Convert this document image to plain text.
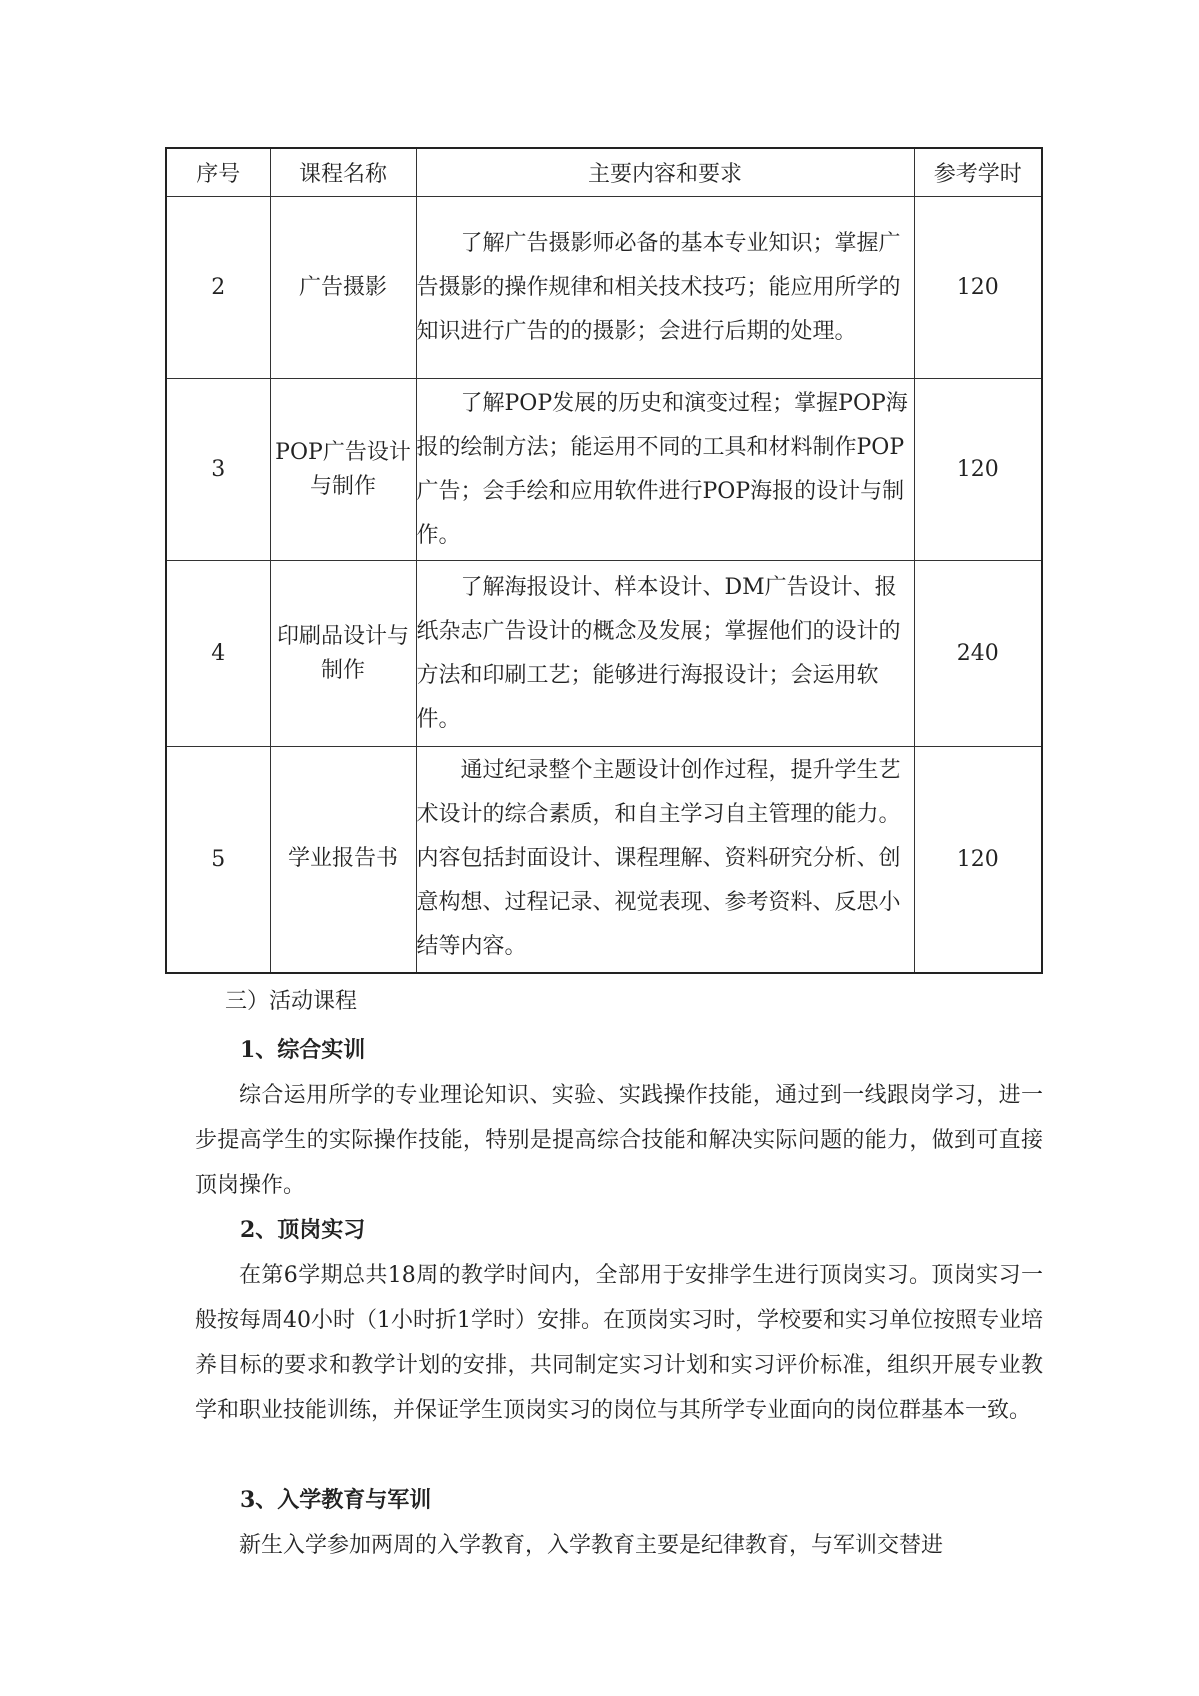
序号	课程名称	主要内容和要求	参考学时
2	广告摄影	了解广告摄影师必备的基本专业知识；掌握广告摄影的操作规律和相关技术技巧；能应用所学的知识进行广告的的摄影；会进行后期的处理。	120
3	POP广告设计与制作	了解POP发展的历史和演变过程；掌握POP海报的绘制方法；能运用不同的工具和材料制作POP广告；会手绘和应用软件进行POP海报的设计与制作。	120
4	印刷品设计与制作	了解海报设计、样本设计、DM广告设计、报纸杂志广告设计的概念及发展；掌握他们的设计的方法和印刷工艺；能够进行海报设计；会运用软件。	240
5	学业报告书	通过纪录整个主题设计创作过程，提升学生艺术设计的综合素质，和自主学习自主管理的能力。内容包括封面设计、课程理解、资料研究分析、创意构想、过程记录、视觉表现、参考资料、反思小结等内容。	120
三）活动课程
1、综合实训
综合运用所学的专业理论知识、实验、实践操作技能，通过到一线跟岗学习，进一步提高学生的实际操作技能，特别是提高综合技能和解决实际问题的能力，做到可直接顶岗操作。
2、顶岗实习
在第6学期总共18周的教学时间内，全部用于安排学生进行顶岗实习。顶岗实习一般按每周40小时（1小时折1学时）安排。在顶岗实习时，学校要和实习单位按照专业培养目标的要求和教学计划的安排，共同制定实习计划和实习评价标准，组织开展专业教学和职业技能训练，并保证学生顶岗实习的岗位与其所学专业面向的岗位群基本一致。
3、入学教育与军训
新生入学参加两周的入学教育，入学教育主要是纪律教育，与军训交替进
